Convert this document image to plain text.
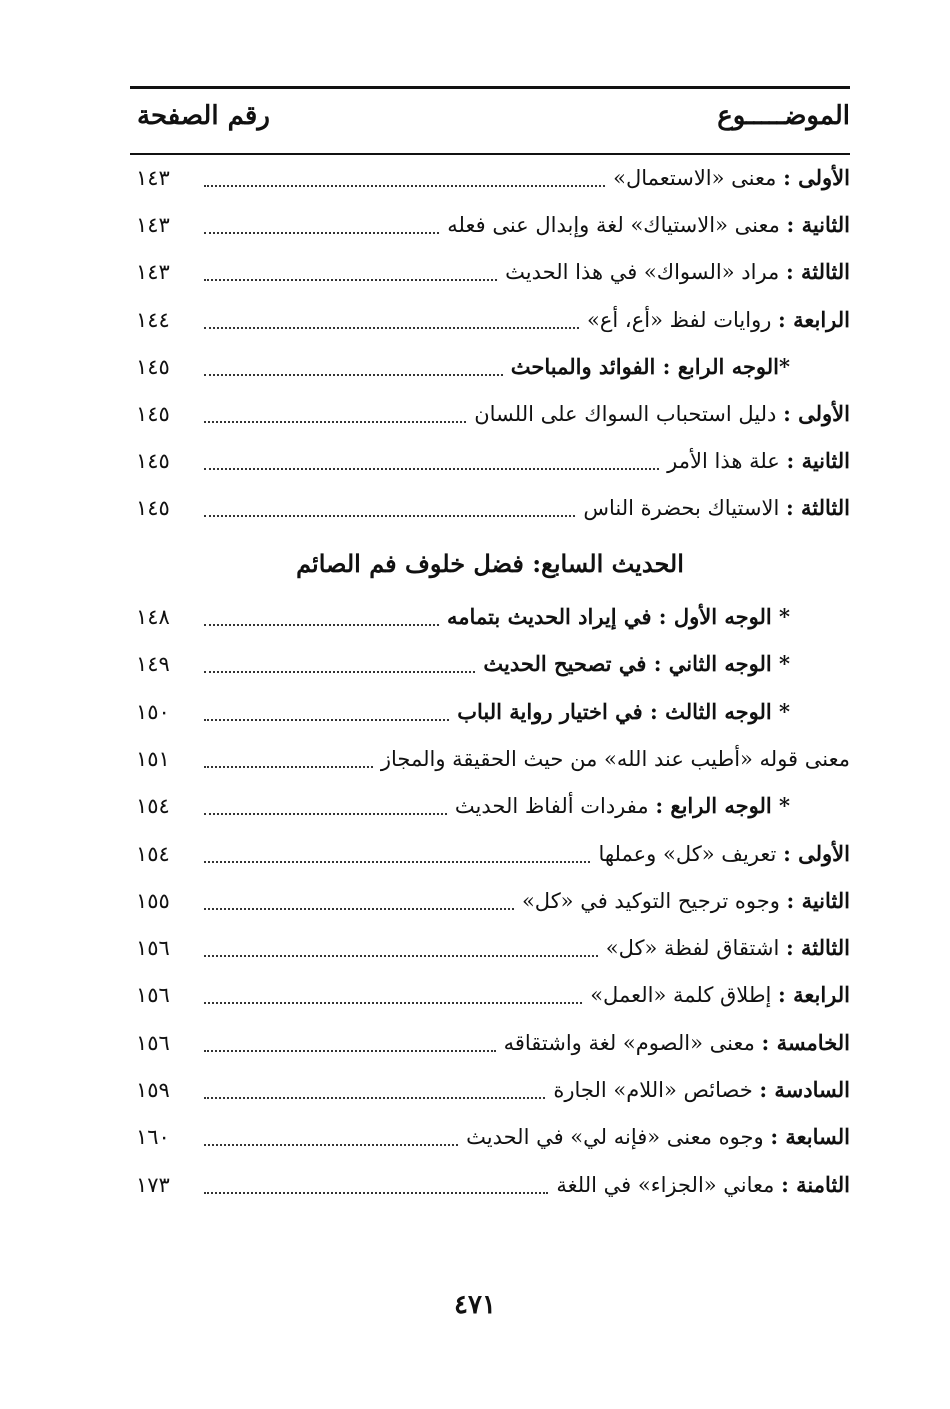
الموضـــــوع
رقم الصفحة
الأولى : معنى «الاستعمال»
١٤٣
الثانية : معنى «الاستياك» لغة وإبدال عنى فعله
١٤٣
الثالثة : مراد «السواك» في هذا الحديث
١٤٣
الرابعة : روايات لفظ «أع، أع»
١٤٤
*الوجه الرابع : الفوائد والمباحث
١٤٥
الأولى : دليل استحباب السواك على اللسان
١٤٥
الثانية : علة هذا الأمر
١٤٥
الثالثة : الاستياك بحضرة الناس
١٤٥
الحديث السابع: فضل خلوف فم الصائم
* الوجه الأول : في إيراد الحديث بتمامه
١٤٨
* الوجه الثاني : في تصحيح الحديث
١٤٩
* الوجه الثالث : في اختيار رواية الباب
١٥٠
معنى قوله «أطيب عند الله» من حيث الحقيقة والمجاز
١٥١
* الوجه الرابع : مفردات ألفاظ الحديث
١٥٤
الأولى : تعريف «كل» وعملها
١٥٤
الثانية : وجوه ترجيح التوكيد في «كل»
١٥٥
الثالثة : اشتقاق لفظة «كل»
١٥٦
الرابعة : إطلاق كلمة «العمل»
١٥٦
الخامسة : معنى «الصوم» لغة واشتقاقه
١٥٦
السادسة : خصائص «اللام» الجارة
١٥٩
السابعة : وجوه معنى «فإنه لي» في الحديث
١٦٠
الثامنة : معاني «الجزاء» في اللغة
١٧٣
٤٧١
